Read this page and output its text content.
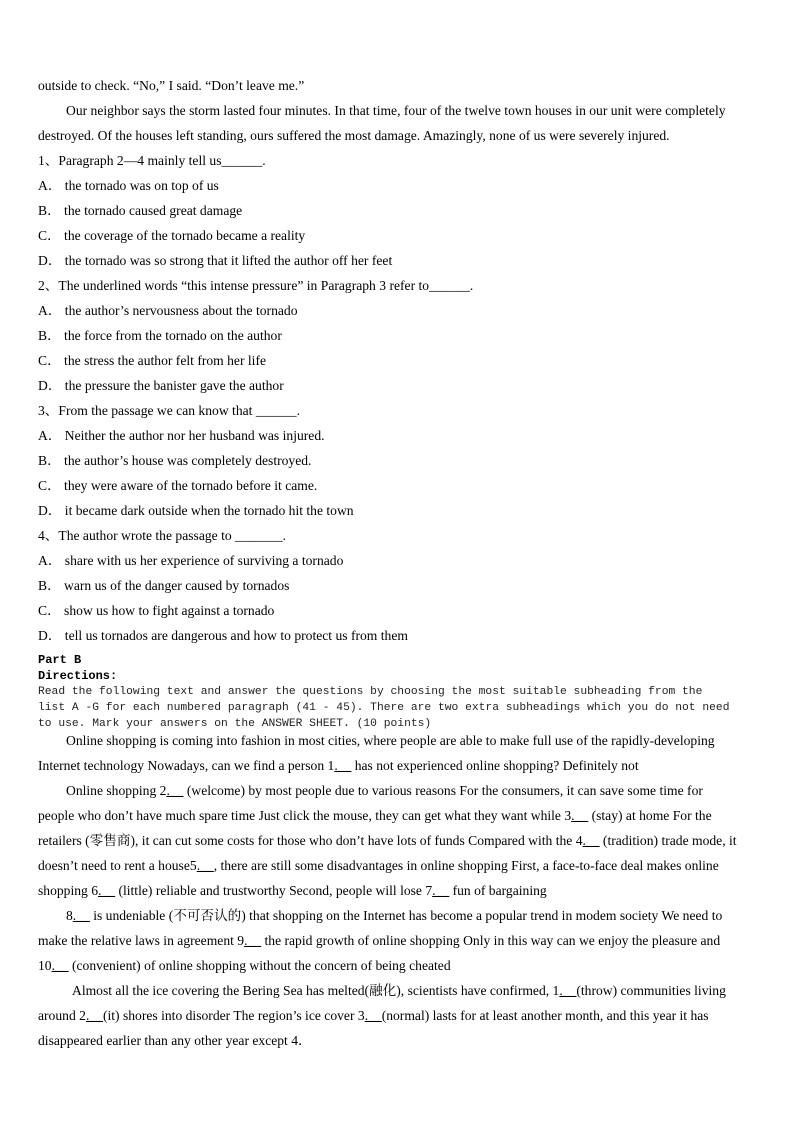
outside to check. “No,” I said. “Don’t leave me.”
Our neighbor says the storm lasted four minutes. In that time, four of the twelve town houses in our unit were completely
destroyed. Of the houses left standing, ours suffered the most damage. Amazingly, none of us were severely injured.
1、Paragraph 2—4 mainly tell us______.
A． the tornado was on top of us
B． the tornado caused great damage
C． the coverage of the tornado became a reality
D． the tornado was so strong that it lifted the author off her feet
2、The underlined words “this intense pressure” in Paragraph 3 refer to______.
A． the author’s nervousness about the tornado
B． the force from the tornado on the author
C． the stress the author felt from her life
D． the pressure the banister gave the author
3、From the passage we can know that ______.
A． Neither the author nor her husband was injured.
B． the author’s house was completely destroyed.
C． they were aware of the tornado before it came.
D． it became dark outside when the tornado hit the town
4、The author wrote the passage to _______.
A． share with us her experience of surviving a tornado
B． warn us of the danger caused by tornados
C． show us how to fight against a tornado
D． tell us tornados are dangerous and how to protect us from them
Part B
Directions:
Read the following text and answer the questions by choosing the most suitable subheading from the
list A -G for each numbered paragraph (41 - 45). There are two extra subheadings which you do not need
to use. Mark your answers on the ANSWER SHEET. (10 points)
Online shopping is coming into fashion in most cities, where people are able to make full use of the rapidly-developing
Internet technology Nowadays, can we find a person 1.__ has not experienced online shopping? Definitely not
Online shopping 2.__ (welcome) by most people due to various reasons For the consumers, it can save some time for
people who don’t have much spare time Just click the mouse, they can get what they want while 3.__ (stay) at home For the
retailers (零售商), it can cut some costs for those who don’t have lots of funds Compared with the 4.__ (tradition) trade mode, it
doesn’t need to rent a house5.__, there are still some disadvantages in online shopping First, a face-to-face deal makes online
shopping 6.__ (little) reliable and trustworthy Second, people will lose 7.__ fun of bargaining
8.__ is undeniable (不可否认的) that shopping on the Internet has become a popular trend in modem society We need to
make the relative laws in agreement 9.__ the rapid growth of online shopping Only in this way can we enjoy the pleasure and
10.__ (convenient) of online shopping without the concern of being cheated
Almost all the ice covering the Bering Sea has melted(融化), scientists have confirmed, 1.__(throw) communities living
around 2.__(it) shores into disorder The region’s ice cover 3.__(normal) lasts for at least another month, and this year it has
disappeared earlier than any other year except 4．
